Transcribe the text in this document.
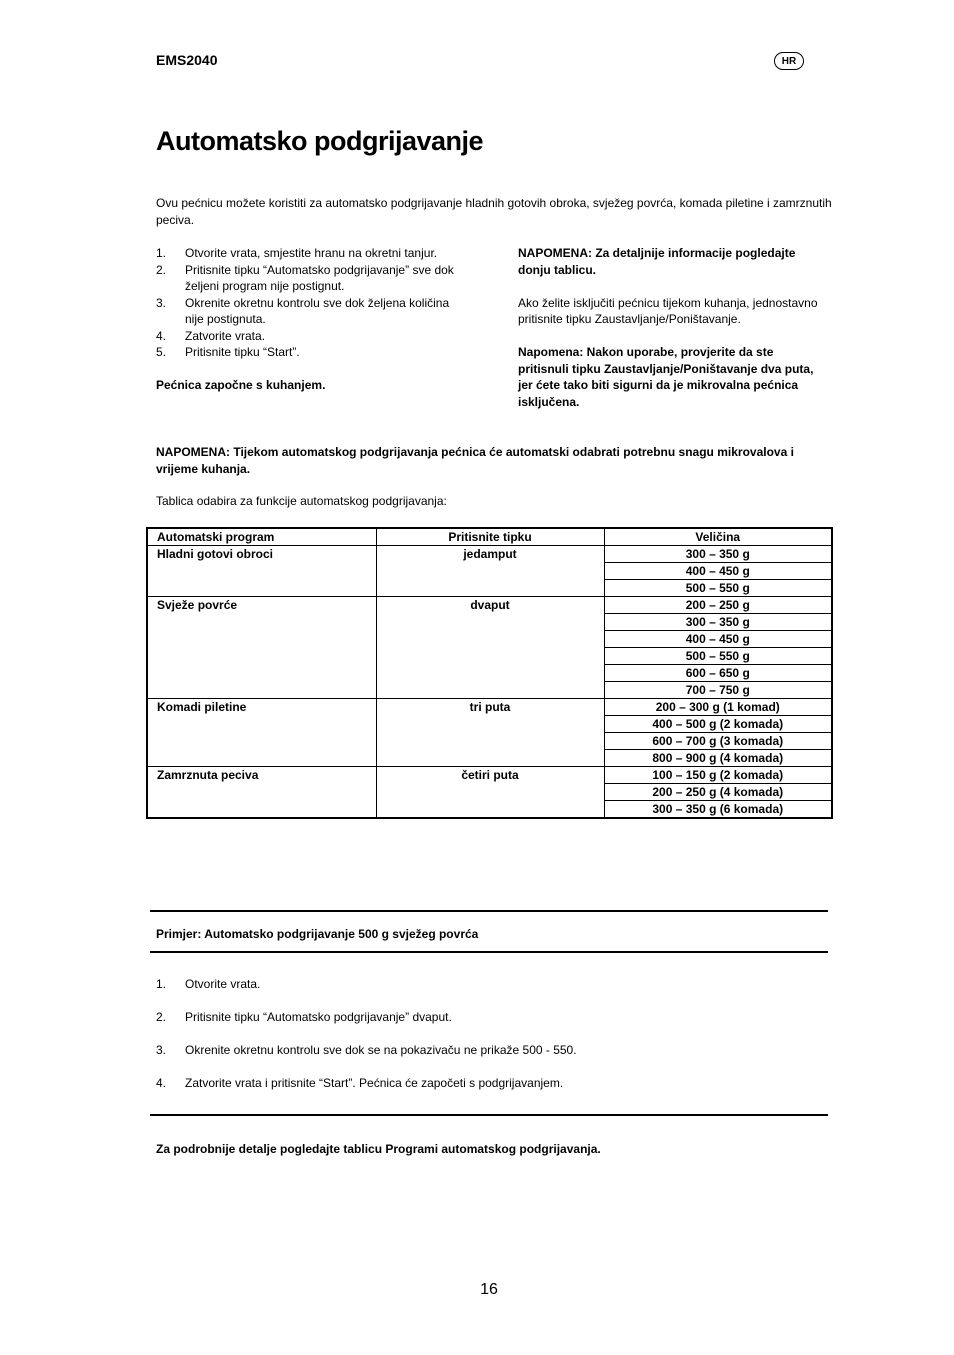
EMS2040	HR
Automatsko podgrijavanje
Ovu pećnicu možete koristiti za automatsko podgrijavanje hladnih gotovih obroka, svježeg povrća, komada piletine i zamrznutih peciva.
1. Otvorite vrata, smjestite hranu na okretni tanjur.
2. Pritisnite tipku “Automatsko podgrijavanje” sve dok željeni program nije postignut.
3. Okrenite okretnu kontrolu sve dok željena količina nije postignuta.
4. Zatvorite vrata.
5. Pritisnite tipku “Start”.
Pećnica započne s kuhanjem.

NAPOMENA: Za detaljnije informacije pogledajte donju tablicu.

Ako želite isključiti pećnicu tijekom kuhanja, jednostavno pritisnite tipku Zaustavljanje/Poništavanje.

Napomena: Nakon uporabe, provjerite da ste pritisnuli tipku Zaustavljanje/Poništavanje dva puta, jer ćete tako biti sigurni da je mikrovalna pećnica isključena.

NAPOMENA: Tijekom automatskog podgrijavanja pećnica će automatski odabrati potrebnu snagu mikrovalova i vrijeme kuhanja.
Tablica odabira za funkcije automatskog podgrijavanja:
Automatski program	Pritisnite tipku	Veličina
Hladni gotovi obroci	jedamput	300 – 350 g
		400 – 450 g
		500 – 550 g
Svježe povrće	dvaput	200 – 250 g
		300 – 350 g
		400 – 450 g
		500 – 550 g
		600 – 650 g
		700 – 750 g
Komadi piletine	tri puta	200 – 300 g (1 komad)
		400 – 500 g (2 komada)
		600 – 700 g (3 komada)
		800 – 900 g (4 komada)
Zamrznuta peciva	četiri puta	100 – 150 g (2 komada)
		200 – 250 g (4 komada)
		300 – 350 g (6 komada)
Primjer: Automatsko podgrijavanje 500 g svježeg povrća
1. Otvorite vrata.
2. Pritisnite tipku “Automatsko podgrijavanje” dvaput.
3. Okrenite okretnu kontrolu sve dok se na pokazivaču ne prikaže 500 - 550.
4. Zatvorite vrata i pritisnite “Start”. Pećnica će započeti s podgrijavanjem.
Za podrobnije detalje pogledajte tablicu Programi automatskog podgrijavanja.
16
